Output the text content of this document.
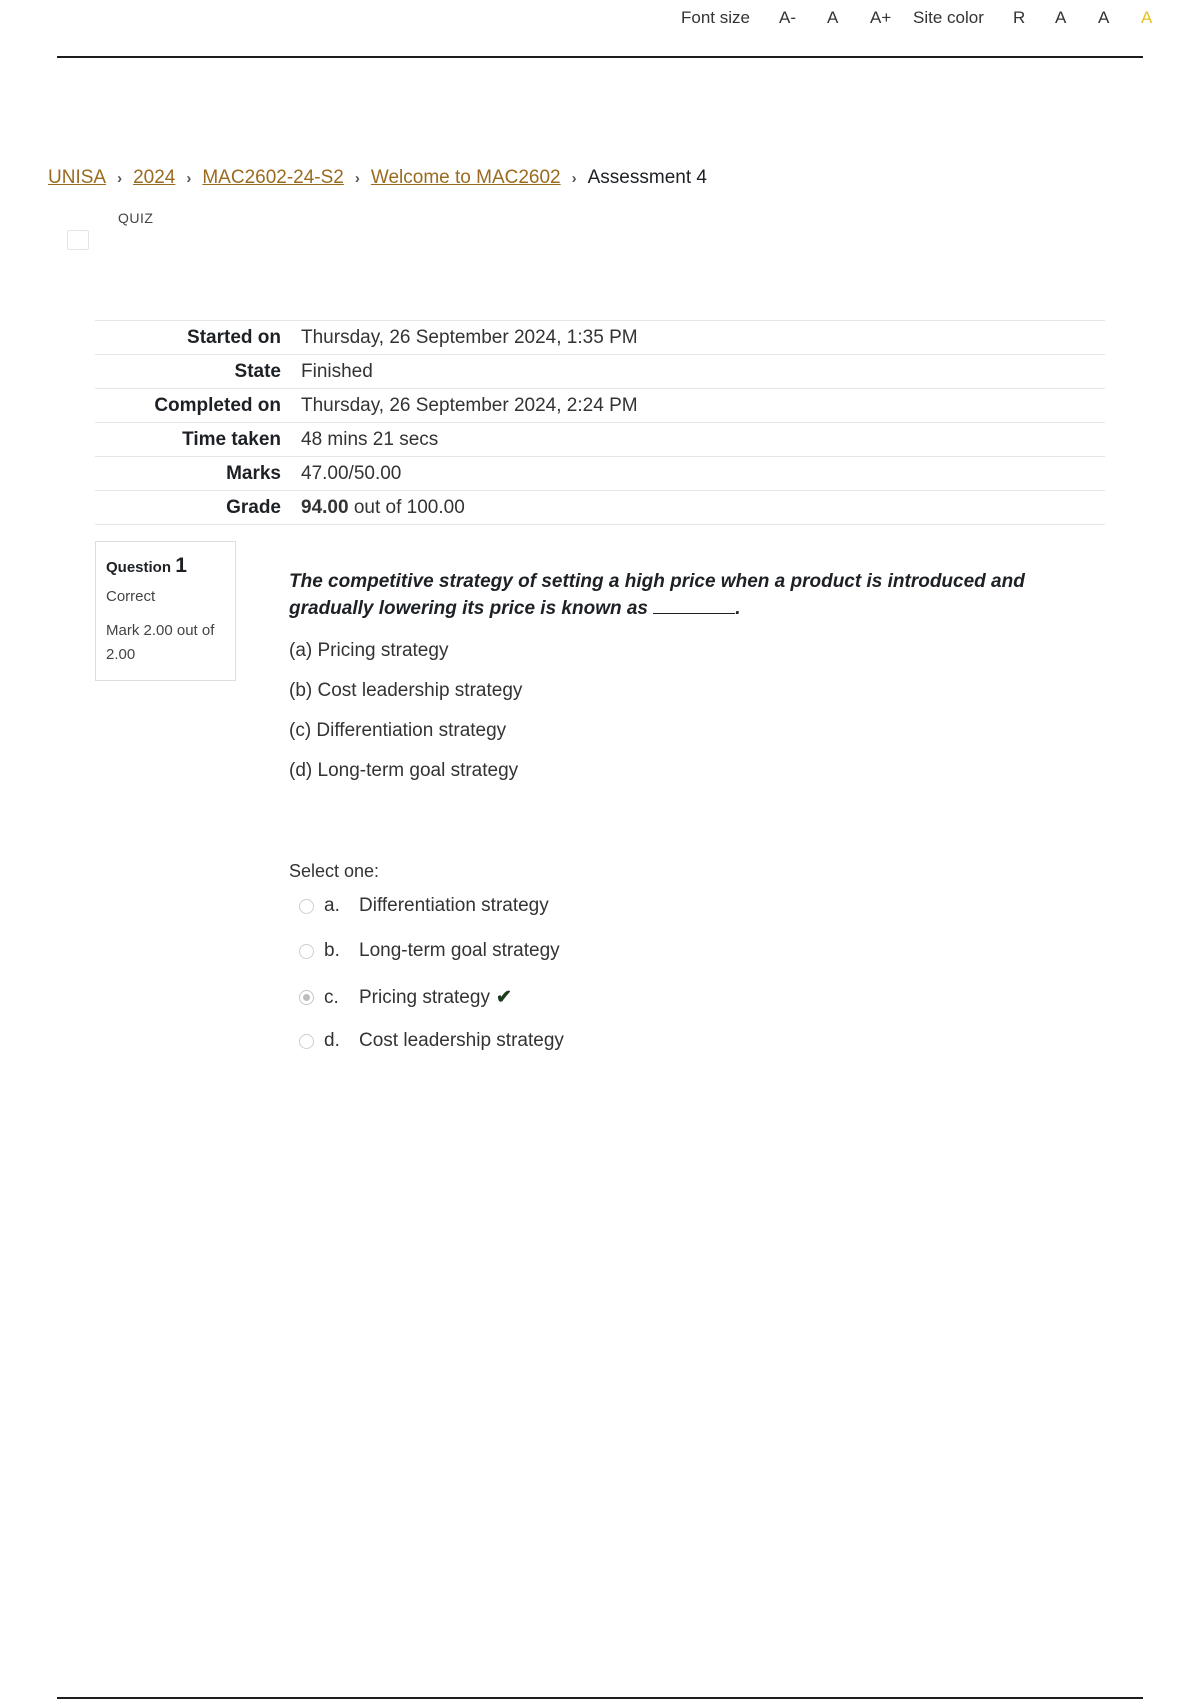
Font size A- A A+ Site color R A A A
UNISA › 2024 › MAC2602-24-S2 › Welcome to MAC2602 › Assessment 4
QUIZ
Started on	Thursday, 26 September 2024, 1:35 PM
State	Finished
Completed on	Thursday, 26 September 2024, 2:24 PM
Time taken	48 mins 21 secs
Marks	47.00/50.00
Grade	94.00 out of 100.00
Question 1
Correct
Mark 2.00 out of 2.00
The competitive strategy of setting a high price when a product is introduced and gradually lowering its price is known as	.
(a) Pricing strategy
(b) Cost leadership strategy
(c) Differentiation strategy
(d) Long-term goal strategy
Select one:
a.	Differentiation strategy
b.	Long-term goal strategy
c.	Pricing strategy ✔
d.	Cost leadership strategy
